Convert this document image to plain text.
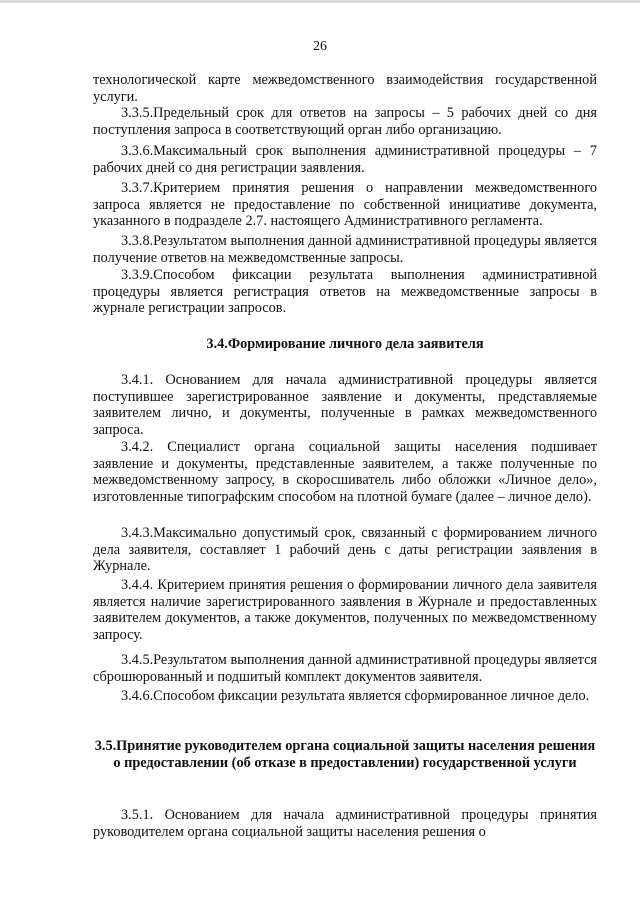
26

технологической карте межведомственного взаимодействия государственной услуги.

3.3.5.Предельный срок для ответов на запросы – 5 рабочих дней со дня поступления запроса в соответствующий орган либо организацию.

3.3.6.Максимальный срок выполнения административной процедуры – 7 рабочих дней со дня регистрации заявления.

3.3.7.Критерием принятия решения о направлении межведомственного запроса является не предоставление по собственной инициативе документа, указанного в подразделе 2.7. настоящего Административного регламента.

3.3.8.Результатом выполнения данной административной процедуры является получение ответов на межведомственные запросы.

3.3.9.Способом фиксации результата выполнения административной процедуры является регистрация ответов на межведомственные запросы в журнале регистрации запросов.

3.4.Формирование личного дела заявителя

3.4.1. Основанием для начала административной процедуры является поступившее зарегистрированное заявление и документы, представляемые заявителем лично, и документы, полученные в рамках межведомственного запроса.

3.4.2. Специалист органа социальной защиты населения подшивает заявление и документы, представленные заявителем, а также полученные по межведомственному запросу, в скоросшиватель либо обложки «Личное дело», изготовленные типографским способом на плотной бумаге (далее – личное дело).

3.4.3.Максимально допустимый срок, связанный с формированием личного дела заявителя, составляет 1 рабочий день с даты регистрации заявления в Журнале.

3.4.4. Критерием принятия решения о формировании личного дела заявителя является наличие зарегистрированного заявления в Журнале и предоставленных заявителем документов, а также документов, полученных по межведомственному запросу.

3.4.5.Результатом выполнения данной административной процедуры является сброшюрованный и подшитый комплект документов заявителя.

3.4.6.Способом фиксации результата является сформированное личное дело.

3.5.Принятие руководителем органа социальной защиты населения решения о предоставлении (об отказе в предоставлении) государственной услуги

3.5.1. Основанием для начала административной процедуры принятия руководителем органа социальной защиты населения решения о
